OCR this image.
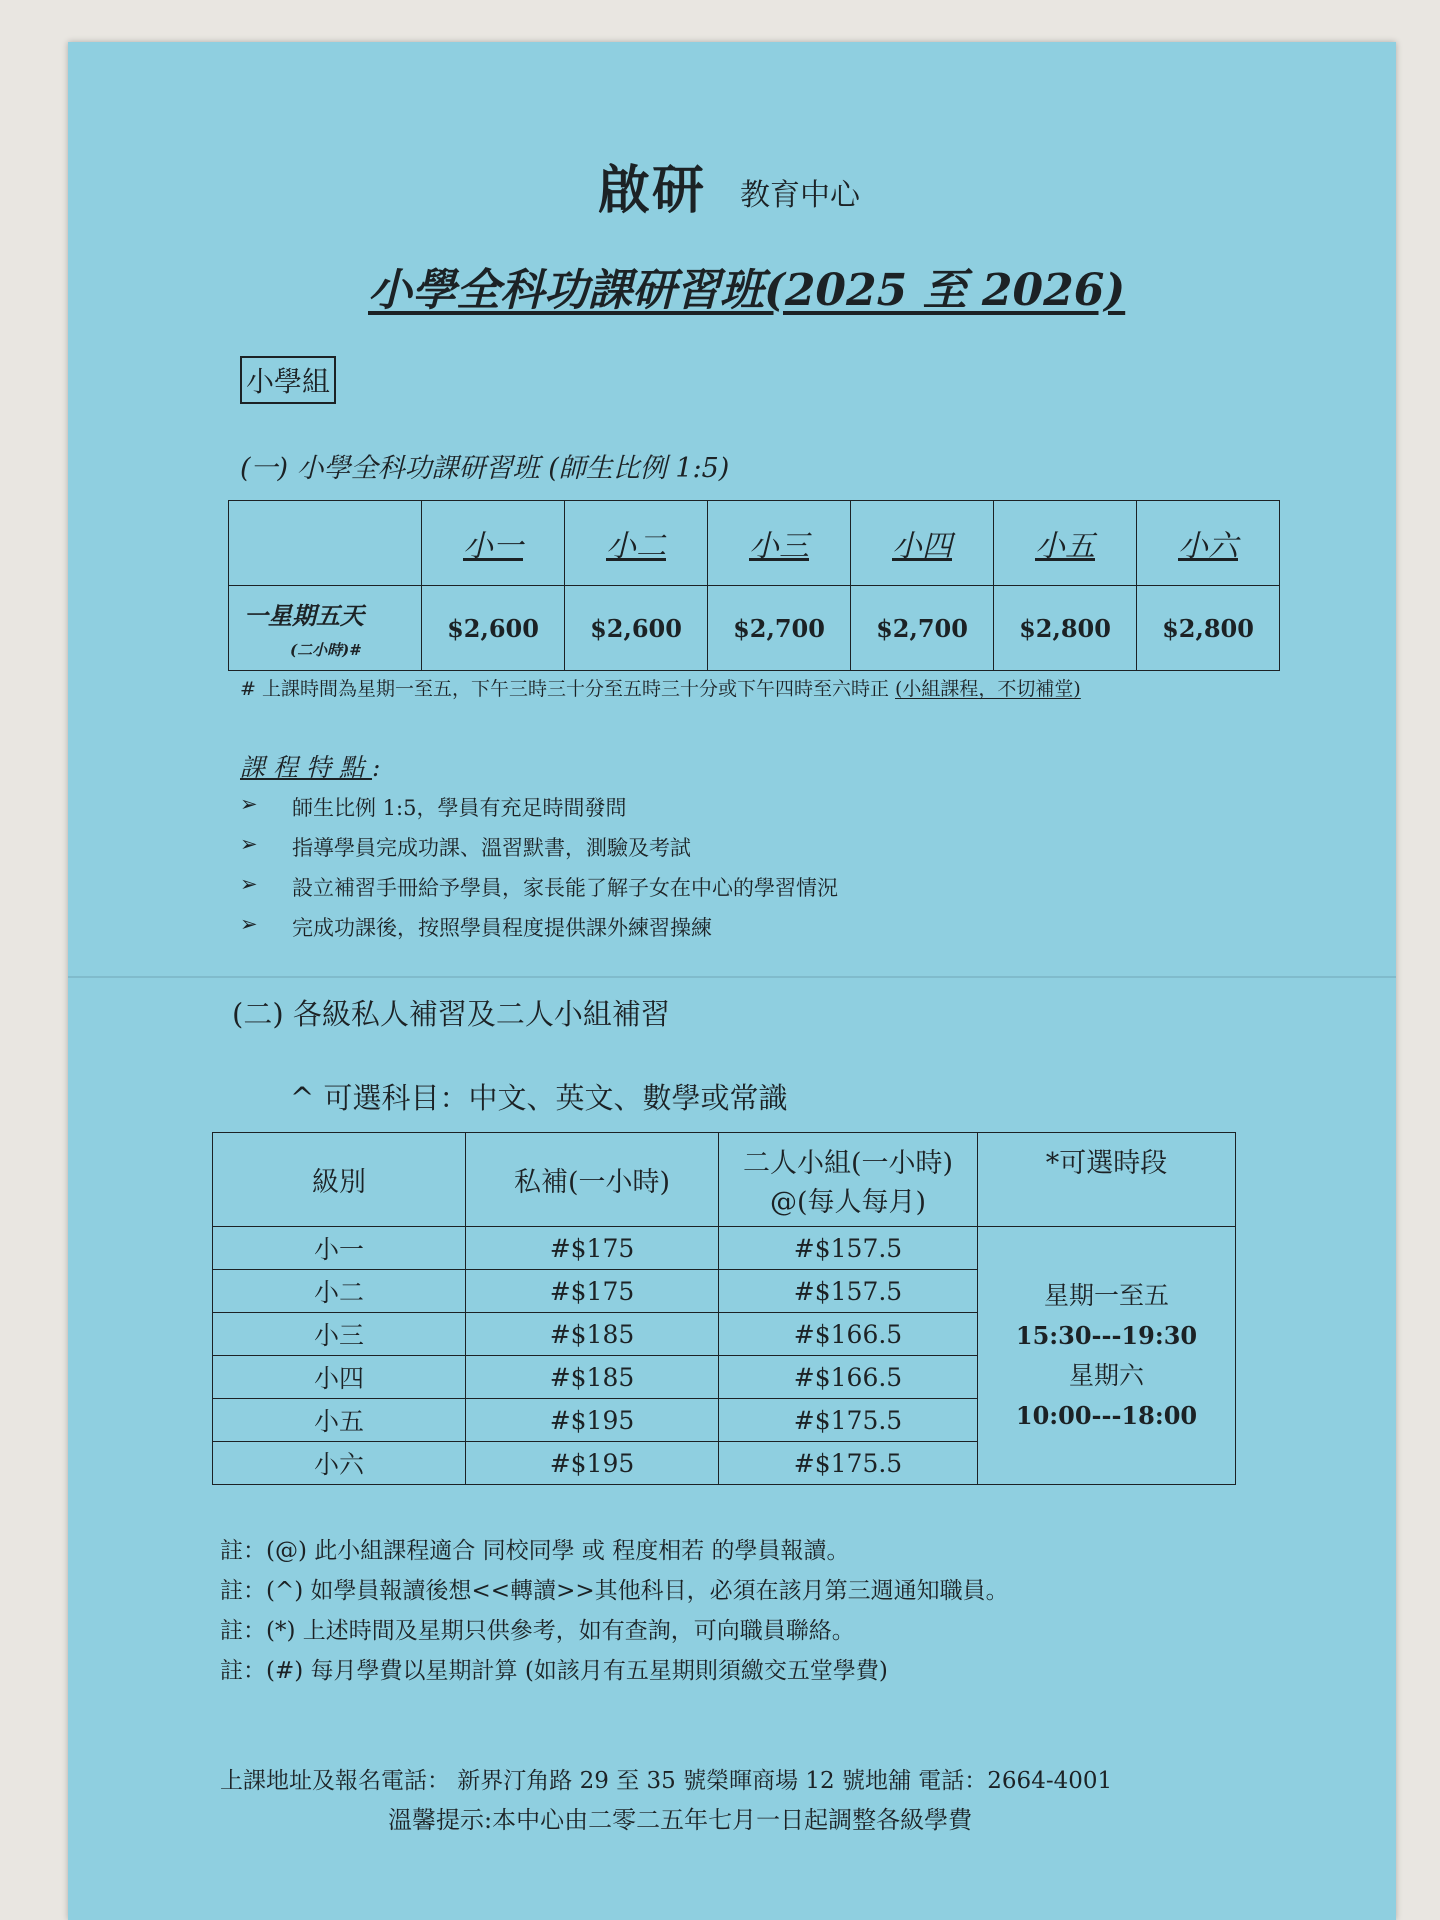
啟研 教育中心
小學全科功課研習班(2025 至 2026)
小學組
(一) 小學全科功課研習班 (師生比例 1:5)
	小一	小二	小三	小四	小五	小六

一星期五天
(二小時)#	$2,600	$2,600	$2,700	$2,700	$2,800	$2,800
# 上課時間為星期一至五，下午三時三十分至五時三十分或下午四時至六時正 (小組課程，不切補堂)
課程特點:
➢ 師生比例 1:5，學員有充足時間發問
➢ 指導學員完成功課、溫習默書，測驗及考試
➢ 設立補習手冊給予學員，家長能了解子女在中心的學習情況
➢ 完成功課後，按照學員程度提供課外練習操練
(二) 各級私人補習及二人小組補習
^ 可選科目：中文、英文、數學或常識
級別	私補(一小時)	二人小組(一小時)
@(每人每月)	*可選時段
小一	#$175	#$157.5	星期一至五
15:30---19:30
星期六
10:00---18:00

小二	#$175	#$157.5	
小三	#$185	#$166.5	
小四	#$185	#$166.5	
小五	#$195	#$175.5	
小六	#$195	#$175.5	
註：(@) 此小組課程適合 同校同學 或 程度相若 的學員報讀。
註：(^) 如學員報讀後想<<轉讀>>其他科目，必須在該月第三週通知職員。
註：(*) 上述時間及星期只供參考，如有查詢，可向職員聯絡。
註：(#) 每月學費以星期計算 (如該月有五星期則須繳交五堂學費)
上課地址及報名電話： 新界汀角路 29 至 35 號榮暉商場 12 號地舖 電話：2664-4001
溫馨提示:本中心由二零二五年七月一日起調整各級學費
